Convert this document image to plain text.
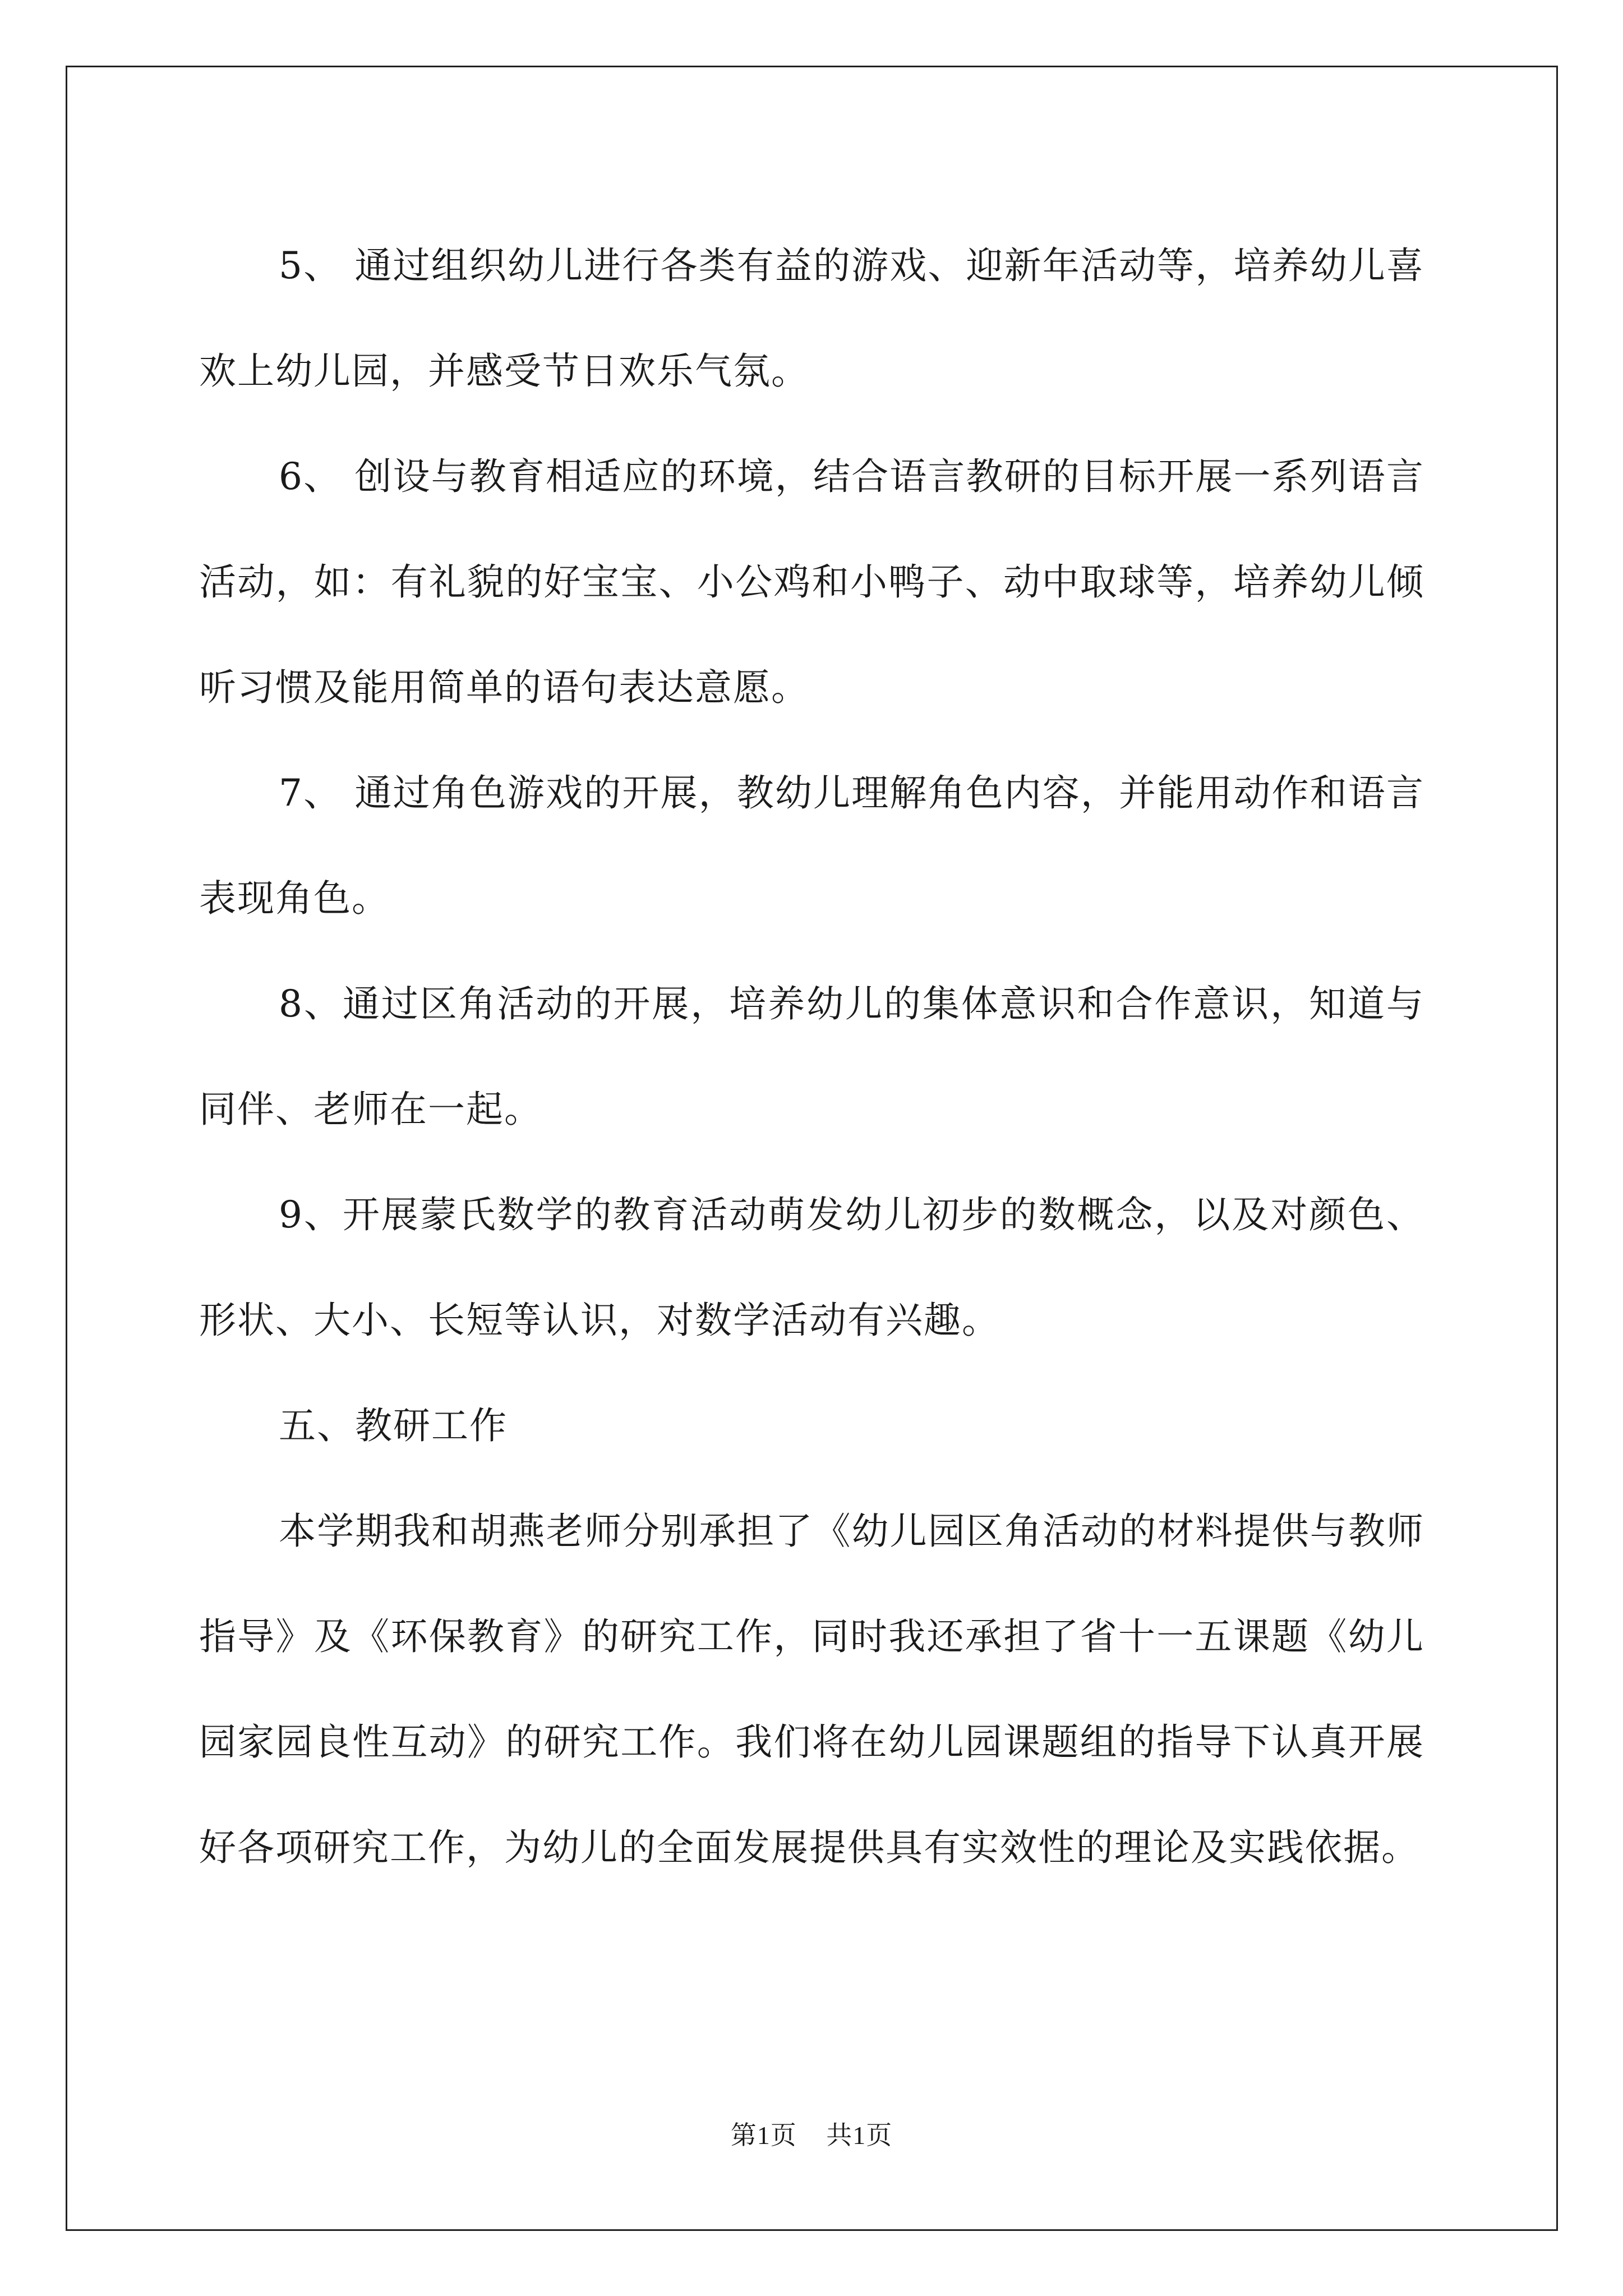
5、 通过组织幼儿进行各类有益的游戏、迎新年活动等，培养幼儿喜欢上幼儿园，并感受节日欢乐气氛。

6、 创设与教育相适应的环境，结合语言教研的目标开展一系列语言活动，如：有礼貌的好宝宝、小公鸡和小鸭子、动中取球等，培养幼儿倾听习惯及能用简单的语句表达意愿。

7、 通过角色游戏的开展，教幼儿理解角色内容，并能用动作和语言表现角色。

8、通过区角活动的开展，培养幼儿的集体意识和合作意识，知道与同伴、老师在一起。

9、开展蒙氏数学的教育活动萌发幼儿初步的数概念，以及对颜色、形状、大小、长短等认识，对数学活动有兴趣。

五、教研工作

本学期我和胡燕老师分别承担了《幼儿园区角活动的材料提供与教师指导》及《环保教育》的研究工作，同时我还承担了省十一五课题《幼儿园家园良性互动》的研究工作。我们将在幼儿园课题组的指导下认真开展好各项研究工作，为幼儿的全面发展提供具有实效性的理论及实践依据。

第1页 共1页
